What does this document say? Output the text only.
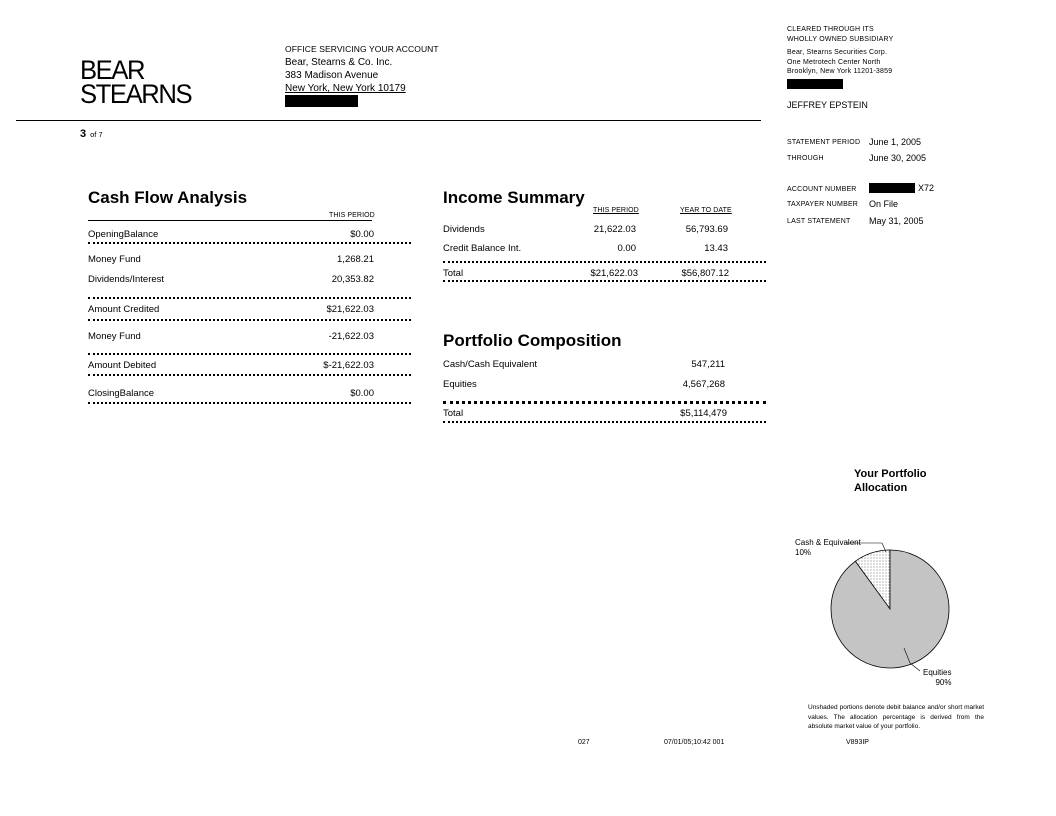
BEAR
STEARNS
OFFICE SERVICING YOUR ACCOUNT
Bear, Stearns & Co. Inc.
383 Madison Avenue
New York, New York 10179
3 of 7
CLEARED THROUGH ITS
WHOLLY OWNED SUBSIDIARY
Bear, Stearns Securities Corp.
One Metrotech Center North
Brooklyn, New York 11201-3859
JEFFREY EPSTEIN
STATEMENT PERIOD June 1, 2005
THROUGH	June 30, 2005
ACCOUNT NUMBER	X72
TAXPAYER NUMBER On File
LAST STATEMENT May 31, 2005
Cash Flow Analysis
THIS PERIOD
OpeningBalance	$0.00
Money Fund	1,268.21
Dividends/Interest	20,353.82
Amount Credited	$21,622.03
Money Fund	-21,622.03
Amount Debited	$-21,622.03
ClosingBalance	$0.00
Income Summary
THIS PERIOD	YEAR TO DATE
Dividends	21,622.03	56,793.69
Credit Balance Int.	0.00	13.43
Total	$21,622.03	$56,807.12
Portfolio Composition
Cash/Cash Equivalent	547,211
Equities	4,567,268
Total	$5,114,479
Your Portfolio
Allocation
Cash & Equivalent
10%
Equities
90%
Unshaded portions denote debit balance and/or short market values. The allocation percentage is derived from the absolute market value of your portfolio.
027	07/01/05;10:42 001	V893IP
